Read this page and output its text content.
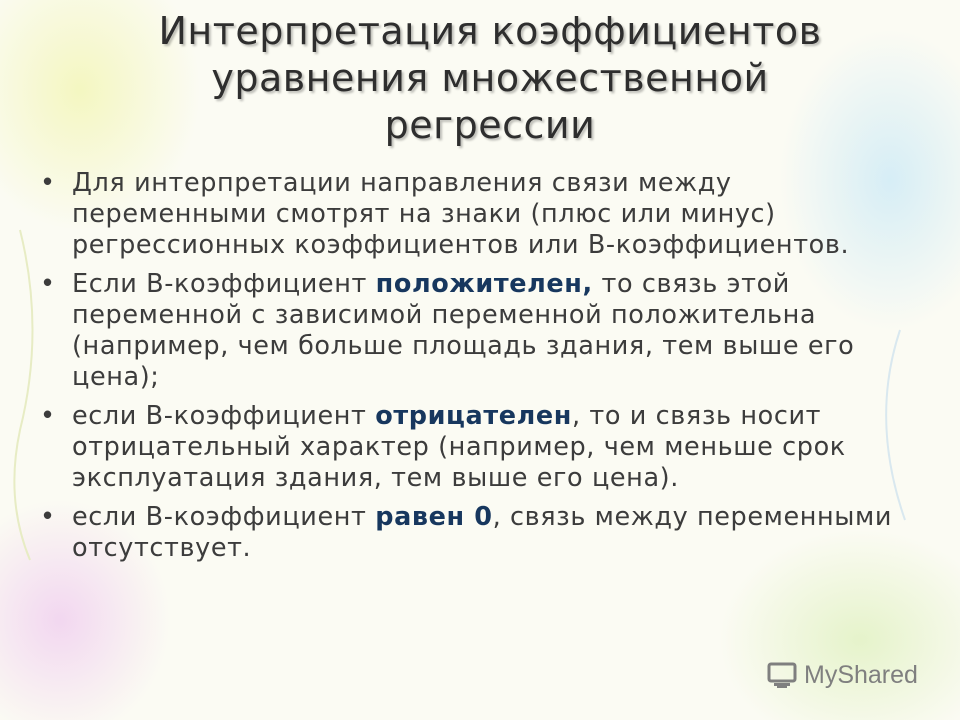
Интерпретация коэффициентов
уравнения множественной
регрессии
• Для интерпретации направления связи между переменными смотрят на знаки (плюс или минус) регрессионных коэффициентов или В-коэффициентов.
• Если В-коэффициент положителен, то связь этой переменной с зависимой переменной положительна (например, чем больше площадь здания, тем выше его цена);
• если В-коэффициент отрицателен, то и связь носит отрицательный характер (например, чем меньше срок эксплуатация здания, тем выше его цена).
• если В-коэффициент равен 0, связь между переменными отсутствует.
MyShared
